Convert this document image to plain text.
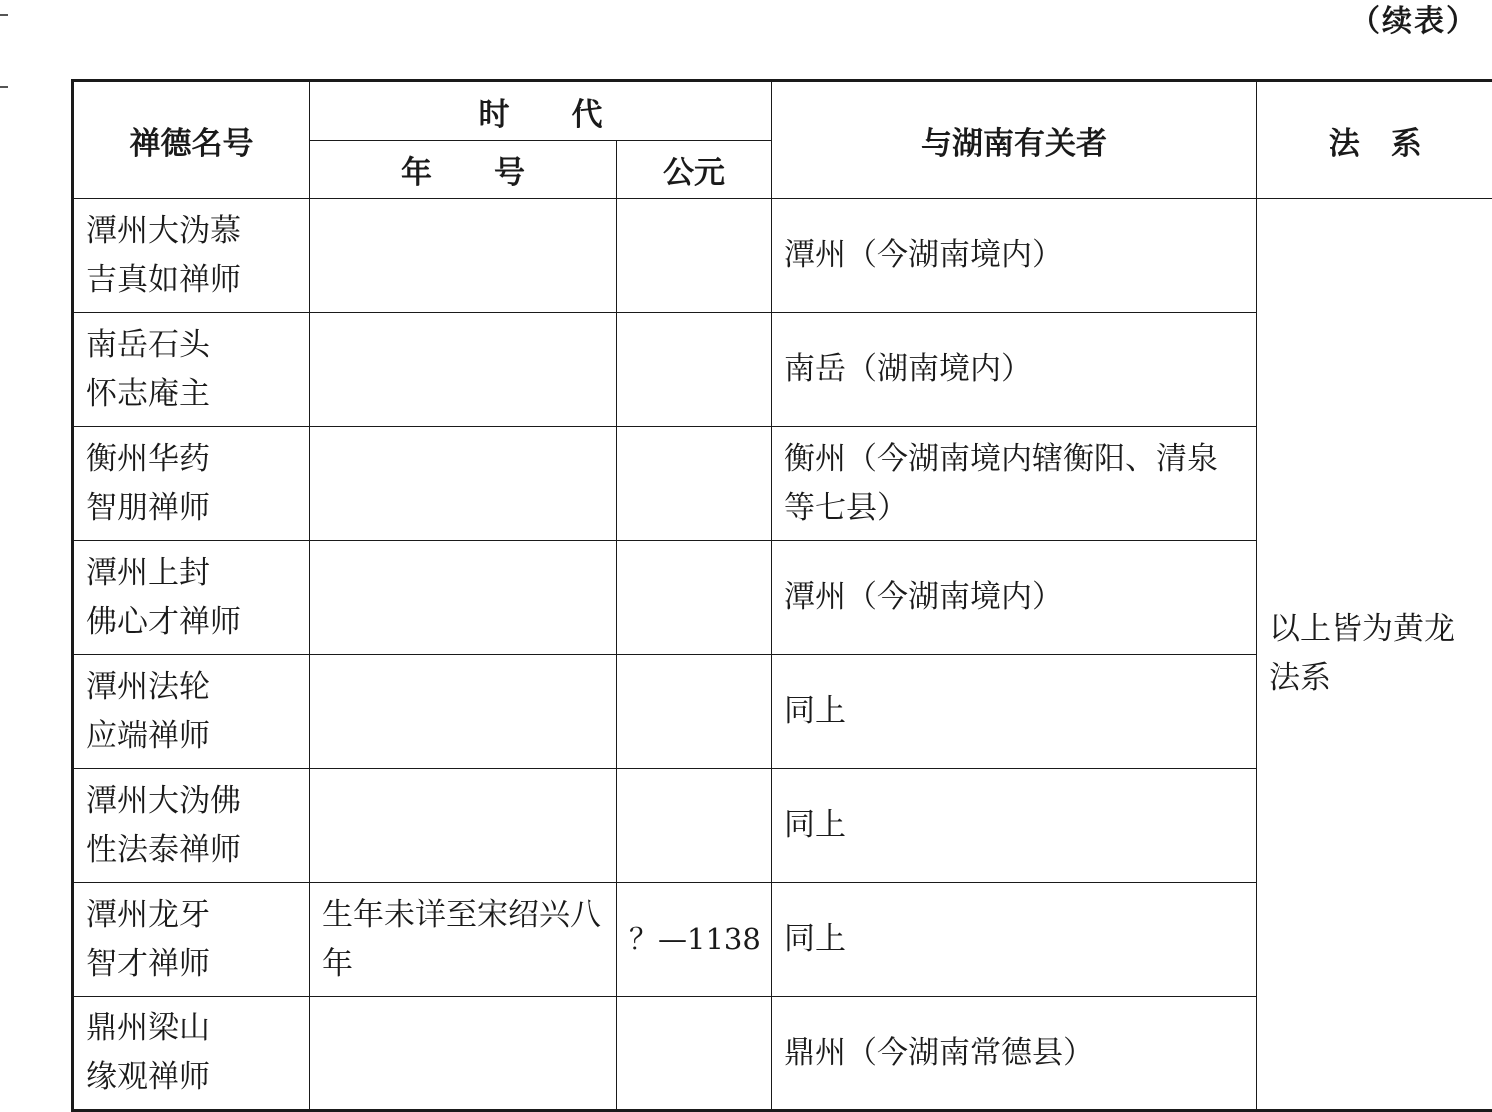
（续表）
禅德名号	时　　代		与湖南有关者	法　系
	年　　号	公元		

潭州大沩慕
吉真如禅师			潭州（今湖南境内）	以上皆为黄龙法系

南岳石头
怀志庵主			南岳（湖南境内）	

衡州华药
智朋禅师			衡州（今湖南境内辖衡阳、清泉等七县）	

潭州上封
佛心才禅师			潭州（今湖南境内）	

潭州法轮
应端禅师			同上	

潭州大沩佛
性法泰禅师			同上	

潭州龙牙
智才禅师	生年未详至宋绍兴八年	？—1138	同上	

鼎州梁山
缘观禅师			鼎州（今湖南常德县）	
